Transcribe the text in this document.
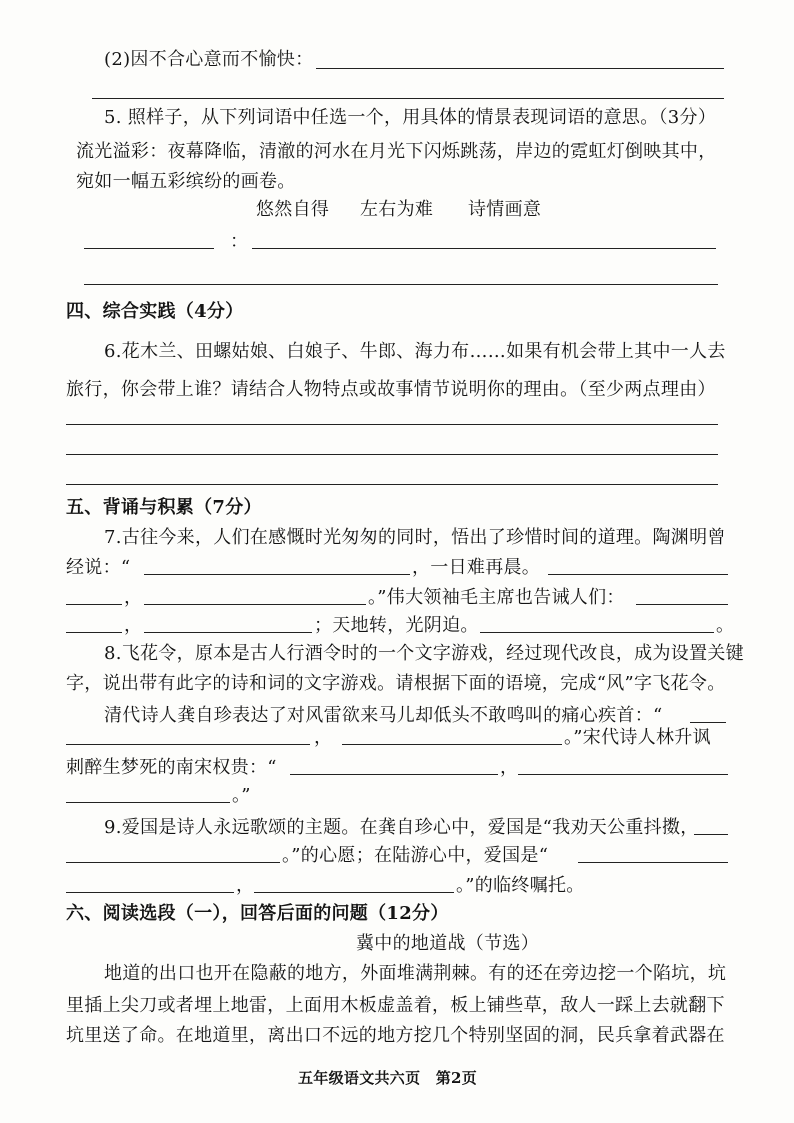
(2)因不合心意而不愉快：
5. 照样子，从下列词语中任选一个，用具体的情景表现词语的意思。（3分）
流光溢彩：夜幕降临，清澈的河水在月光下闪烁跳荡，岸边的霓虹灯倒映其中，
宛如一幅五彩缤纷的画卷。
悠然自得 左右为难 诗情画意
：
四、综合实践（4分）
6.花木兰、田螺姑娘、白娘子、牛郎、海力布……如果有机会带上其中一人去
旅行，你会带上谁？请结合人物特点或故事情节说明你的理由。（至少两点理由）
五、背诵与积累（7分）
7.古往今来，人们在感慨时光匆匆的同时，悟出了珍惜时间的道理。陶渊明曾
经说：“	，一日难再晨。
，	。”伟大领袖毛主席也告诫人们：
，	；天地转，光阴迫。	。
8.飞花令，原本是古人行酒令时的一个文字游戏，经过现代改良，成为设置关键
字，说出带有此字的诗和词的文字游戏。请根据下面的语境，完成“风”字飞花令。
清代诗人龚自珍表达了对风雷欲来马儿却低头不敢鸣叫的痛心疾首：“
，	。”宋代诗人林升讽
刺醉生梦死的南宋权贵：“	，
。”
9.爱国是诗人永远歌颂的主题。在龚自珍心中，爱国是“我劝天公重抖擞，
。”的心愿；在陆游心中，爱国是“
，	。”的临终嘱托。
六、阅读选段（一），回答后面的问题（12分）
冀中的地道战（节选）
地道的出口也开在隐蔽的地方，外面堆满荆棘。有的还在旁边挖一个陷坑，坑
里插上尖刀或者埋上地雷，上面用木板虚盖着，板上铺些草，敌人一踩上去就翻下
坑里送了命。在地道里，离出口不远的地方挖几个特别坚固的洞，民兵拿着武器在
五年级语文共六页　第2页
